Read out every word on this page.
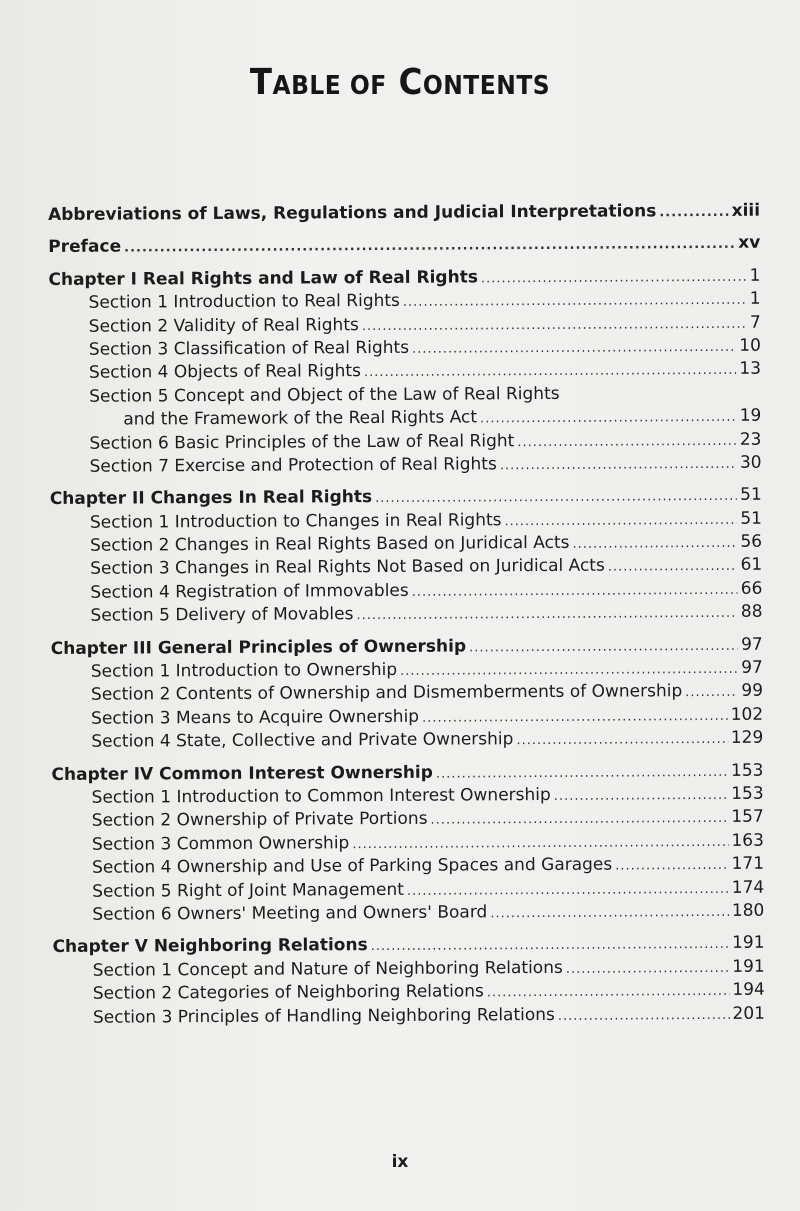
TABLE OF CONTENTS
Abbreviations of Laws, Regulations and Judicial Interpretations .....	xiii
Preface .....	xv
Chapter I Real Rights and Law of Real Rights .....	1
Section 1 Introduction to Real Rights .....	1
Section 2 Validity of Real Rights .....	7
Section 3 Classification of Real Rights .....	10
Section 4 Objects of Real Rights .....	13
Section 5 Concept and Object of the Law of Real Rights
and the Framework of the Real Rights Act .....	19
Section 6 Basic Principles of the Law of Real Right .....	23
Section 7 Exercise and Protection of Real Rights .....	30
Chapter II Changes In Real Rights .....	51
Section 1 Introduction to Changes in Real Rights .....	51
Section 2 Changes in Real Rights Based on Juridical Acts .....	56
Section 3 Changes in Real Rights Not Based on Juridical Acts .....	61
Section 4 Registration of Immovables .....	66
Section 5 Delivery of Movables .....	88
Chapter III General Principles of Ownership .....	97
Section 1 Introduction to Ownership .....	97
Section 2 Contents of Ownership and Dismemberments of Ownership .....	99
Section 3 Means to Acquire Ownership .....	102
Section 4 State, Collective and Private Ownership .....	129
Chapter IV Common Interest Ownership .....	153
Section 1 Introduction to Common Interest Ownership .....	153
Section 2 Ownership of Private Portions .....	157
Section 3 Common Ownership .....	163
Section 4 Ownership and Use of Parking Spaces and Garages .....	171
Section 5 Right of Joint Management .....	174
Section 6 Owners' Meeting and Owners' Board .....	180
Chapter V Neighboring Relations .....	191
Section 1 Concept and Nature of Neighboring Relations .....	191
Section 2 Categories of Neighboring Relations .....	194
Section 3 Principles of Handling Neighboring Relations .....	201
ix
